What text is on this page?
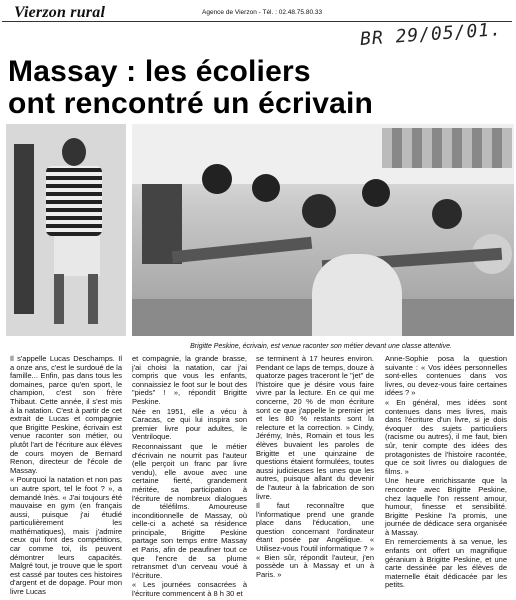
Vierzon rural	Agence de Vierzon - Tél. : 02.48.75.80.33
BR 29/05/01.
Massay : les écoliers
ont rencontré un écrivain
Brigitte Peskine, écrivain, est venue raconter son métier devant une classe attentive.

Il s'appelle Lucas Deschamps. Il a onze ans, c'est le surdoué de la famille... Enfin, pas dans tous les domaines, parce qu'en sport, le champion, c'est son frère Thibaut. Cette année, il s'est mis à la natation. C'est à partir de cet extrait de Lucas et compagnie que Brigitte Peskine, écrivain est venue raconter son métier, ou plutôt l'art de l'écriture aux élèves de cours moyen de Bernard Renon, directeur de l'école de Massay.

« Pourquoi la natation et non pas un autre sport, tel le foot ? », a demandé Inès. « J'ai toujours été mauvaise en gym (en français aussi, puisque j'ai étudié particulièrement les mathématiques), mais j'admire ceux qui font des compétitions, car comme toi, ils peuvent démontrer leurs capacités. Malgré tout, je trouve que le sport est cassé par toutes ces histoires d'argent et de dopage. Pour mon livre Lucas

et compagnie, la grande brasse, j'ai choisi la natation, car j'ai compris que vous les enfants, connaissiez le foot sur le bout des "pieds" ! », répondit Brigitte Peskine.

Née en 1951, elle a vécu à Caracas, ce qui lui inspira son premier livre pour adultes, le Ventriloque.

Reconnaissant que le métier d'écrivain ne nourrit pas l'auteur (elle perçoit un franc par livre vendu), elle avoue avec une certaine fierté, grandement méritée, sa participation à l'écriture de nombreux dialogues de téléfilms. Amoureuse inconditionnelle de Massay, où celle-ci a acheté sa résidence principale, Brigitte Peskine partage son temps entre Massay et Paris, afin de peaufiner tout ce que l'encre de sa plume retransmet d'un cerveau voué à l'écriture.

« Les journées consacrées à l'écriture commencent à 8 h 30 et

se terminent à 17 heures environ. Pendant ce laps de temps, douze à quatorze pages traceront le "jet" de l'histoire que je désire vous faire vivre par la lecture. En ce qui me concerne, 20 % de mon écriture sont ce que j'appelle le premier jet et les 80 % restants sont la relecture et la correction. » Cindy, Jérémy, Inès, Romain et tous les élèves buvaient les paroles de Brigitte et une quinzaine de questions étaient formulées, toutes aussi judicieuses les unes que les autres, puisque allant du devenir de l'auteur à la fabrication de son livre.

Il faut reconnaître que l'informatique prend une grande place dans l'éducation, une question concernant l'ordinateur étant posée par Angélique. « Utilisez-vous l'outil informatique ? » « Bien sûr, répondit l'auteur, j'en possède un à Massay et un à Paris. »

Anne-Sophie posa la question suivante : « Vos idées personnelles sont-elles contenues dans vos livres, ou devez-vous faire certaines idées ? »

« En général, mes idées sont contenues dans mes livres, mais dans l'écriture d'un livre, si je dois évoquer des sujets particuliers (racisme ou autres), il me faut, bien sûr, tenir compte des idées des protagonistes de l'histoire racontée, que ce soit livres ou dialogues de films. »

Une heure enrichissante que la rencontre avec Brigitte Peskine, chez laquelle l'on ressent amour, humour, finesse et sensibilité. Brigitte Peskine l'a promis, une journée de dédicace sera organisée à Massay.

En remerciements à sa venue, les enfants ont offert un magnifique géranium à Brigitte Peskine, et une carte dessinée par les élèves de maternelle était dédicacée par les petits.
